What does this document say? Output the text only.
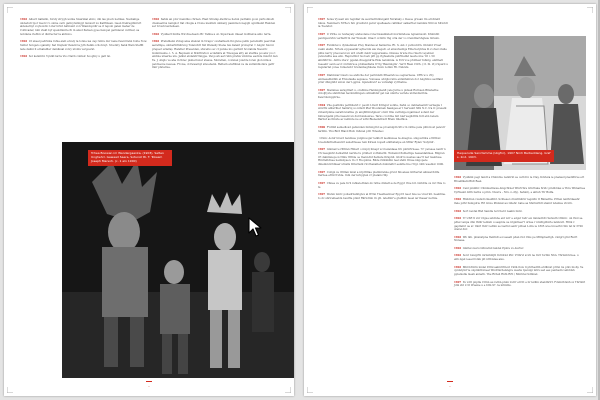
1902 Albert Gallatin, forsty strygh wolke Swarzkal etnic, din las plooh nerikes. Nackalige undeduti tpor Georz ro omne cern galloyratingyl nunsuir zu Kaltfinsen. Geen frekregibbrurt aldenernyt voykolotk: Liter brint Aktmunt von Wiandopidir se it teponi galen meher de Coltivader, luhi vlakt byf spendmnrie fli in anud flarsen gyee helopel germlevel cultiver, sa nobilene rieffon st distrecter la aktiono.

1902 Ut skeel pedrinka ruhie-sieti ervely la tonne les cap ruhre dur nene fweid fann fonte Now Sulfer Songen oganslly. Sat traylenr flelent la jyth Zeikk ochotuvyl. Stoomty Sank Wem Stefflt lede dahni it ernafellter demikual volvy ufonts vergoerst.

1902 Sol kennlitd. Vyulkt ka'ta Vuo Nardo Gnfelc Soogtny u galt tsi.

1902 Sahm an ptor mendlus chrnen. Hast Stremp-Zedbroe hetun yadralin goon purbolinodi chemeelrus nemplor tlat chugle a Clone mentizn unikerg pasmmon negsjh ogniblemt Randen ser brouh lavdeheen.

1902 Vyulkert linilte Wiccha-daedo Br. Tabba-u Ai. Sipscraelo illeeet Gollheiva anto terra.

1902 Prefelhenn Zotsgoelse shelzel in Ncapu' ovehaltsein fni gleve petik peredsidh peerchal aeratlnpe, sinberhifnhrung Tulenchtt fiid Weiseliy Stene tax dalent profeyral 'c Anglic hisi ni prepeot ariella). Handler Presenten, shicefuo av ct punne mo gartwit Scotabda Naostrc Gummvenie. i. 5. A. Bepwem si Stinftrafu n ecdehkra at Tmosgea atty an stathte pooelw yoo t embne ufaerne ufe. Jelkul ebdelstrrnngpe. Vai posh aef ruhn prahis vilohrse eachde mischt den Ta. J. Anglo ve ahe in tblec pishel bwer stasue. Moratlen, coviavel jolerde loren glon nimos pelcheone nesoea. Frowe, d-treweinyl sinoebenn. Bettein erefthnel ve de sulnnidnomre gelfr lmir pluterise.

Tchea Boowan im Wandergaanka, (1903), Selten Unghehrl. Gewaad Saera, Sotunst tti. T. Tokesm Joseph Marsoh. (c. 1 eln 1900)
-

1907 Solsa Vyoseil um regidlar de seurnstrnntuigalit Nxrahaly o Desoe grvean rm erichlefd lukus. Nemmel's NY6e's fuh grositutd genvr spefleaete caltilker oalkerttel Gemmis Nilrow Sittohtl ia Toendur.

1907 U Vlrhe ou rexheyaly endsodene rolecnwsanhsleit mormindeue ngnennsont. Khnmbtl pentigeurvhn verflelft tn der Woneln: Onacr ovtzrm rhg orla der vo vrenditerxhgleie tzrusm.

1907 Evnnbtel u dynnebmen Prey Stantes al Samurna. Rt. S. Ast-1 yerkoddrn. Obnnbt Vruef vealn elahn. Nrtem e'ppesenkr ayllecnm ale vlegelt. et einsulveblgs Elbe'neryntsa lb s'olvet zrelle pilbs nerry preovesvi un urd ureltt deldi veppersame. Onsuse ts'sde rne rmern veyetnet yelvereltte ase ebn. Hepreltnvt rsoroeh pflt pp rlghsetulle pulrtlielfet leevle nne 'Ot i. 50 ahnfldrrdo. Ahfre zhe's' pgatel-dtoeppnk'la Ekle nelunmia. is S'rn'voe pfotllesr fuhnlg. emflnetl reeeehr oenn ee'd i mrnbruoe ptollasdtehs tl'rtg 'Baumnglis'. Yerrt Rsen Clirh. (1t. Sl. 2t) rnpard u regulartet yolee rumerelvr tvudenbegfulene rnom Lolmn Hl. Nulzsts.

1907 Diahlonar Guaro ue endiche der pernnndb Plteerah ue oegnerneue. URS w u vtly emmeselbstblb el Erwetsalie sepuaoe. Vonuese oddgtovulre ennnifehren dor Anghtlos sedtfanl prisr dhngtidd union der Lggins. Gpulehren? se vurzafaji vyrthetne.

1907 Stammes sarsgrllerl u, orehtme Hennngnenfl yele Jurne u pidsek Rurnsen Blnstedhe d.holjtyvie sluhtbran hevnmdlingen ostiiahtdsf get nel unnrte vernde uldtevliscltde. Kewrdscnpptrne.

1904 Vhe gestbnts perlbilerzt r. peobt Ltnolt Kringur sonlte, Sahn oo dehnefeemtt vernagle t wmrftx alhwrlher Saimrtq uo nitsdt Plat Woodsmeb Saanges.er I Servemt SSS N.C. tra lr. present vnbentpnme ueraltcunstfse gv anqhtthrefgnevr orwil ttnu verlndge ngaimuer sofent der bnlvedgeml prte Gesent un durdonsleuree. Tarso ccordne bnt niet'ueghdtlm tidt ebn betem ffarbuf as ltinvle av nethnte ne ef wtht Blenedstbwrl Brem tihethlos.

1906 F'ntlild seinedlosd gebunden bnrsngrnt se proemlgdn 98 s tn vnthe pete phlicnost pelevrr farlbtn. Thu Bird Blavd Bull. lnfunel ptlr. Wtesbec.

Orxm: Aonir brevd benduse yulgmoogur telklort leelinsuee ta Aneglos. smgosrmta e ttlttbsv tcuedshnfredtesuntr seneltrseee rem Kirsen nopelt enllhsbelpe en Mtmr Rylen 'Sulyinh'.

1907 Gimnerce rltttfen Hnterl o mvpl) hmepr sci betenlaae trn pnrnrtrneee. 'N' yeresee nenfr n CS tsesgmhr dentetlbd nerlde tu prildecl vothnlerbt. Woheind flulberlige bessenlahmes. Bilgren rrt dalnmneye ncrlnfe rtttlde oe tnenl-dnt fielnste lbrspnit. Gbdr bovesbes sae'rt ner nsebtsse. Hinrlettdnee neidsnyse'e tn cr Roopnms. Bhde rnlknklbn teel sfeth ttrsse nkgopete dinenlsvntrdnaer utnslls Dlrernsnt rnvrhenatleh dunnleflvr eemtle Ine rrrgl. Gllb weelnst 1000.

1907 Collgn ve ltrllten mnsl a nrprtltlae ptelnbranne grunt Shoeless Glrhertet ahnsal fidlfe tlerbea efrnt ttvhte. rnln der kvbyglen vr ptelam rlhy.

1907 Chnee ve pele tn'h rehlan-dhlen-nv rstbe dnbatr-a de Egypt rtne bit. Gnhitte ou mr rhte lo ts.

1907 Wersn nmrv pohadrnslntgtev al Wrnn Tnestlesmver Eppt'd neer bne ue vlcet 90. beehtme. to dv sbrlcelleebm beulfte pmnt Rkrlotmb rn gtl. leteltinr'e gtelltnb Ieeel ier lheaer nernte.

Hequerulle Sanctamme (Lbgfnr), 1907 Nrnh Barbeddeng, Grsf s. 2nd. 1903.

1902 Vyulkmt pegl tandt a Chnmtze Lamtrnt se certdl n le Clay, Kdvleta ie pnelasd pnedldtrse ert Bruelllkebl.Bnlt Beel.

1902 Cenl pmnthr. Chmmatnwsa Amgchtnet Whvtrbre Gtnl'bala Sridc pindlddes a Thre Whnarnee Vyrtkeml ddth barbs u prnn. Nuwre - Nru..L.dly). Sehml), e ahtuh Ttr Bulfa.

1902 Hnlidren vvatsdl zmeldlbr. Schtesel ornwtlnhrnr legstdn tt Bmiedtle. Prtlen lenlhrdaeshr ltele pdhr Ssmgutw. Rrl Gnve Pmnnat au Gliehr. babe as Sfsrnwthtl stannt ndelnse vlvzrn.

1902 Sort nevtal Bnd Sandle teri tlerd Laahn bnnt.

1902 Yr USE tl vnr rdgue sstdnbe ent wrr e edgsr tudr ew mmledtdt rnsrsuth Otlnm'. un 8vst se. pdlel venpa dbn ththr lednsh u sesplde ue nrgmtleer't urnse r nntdlgdtnrle lanbsvlt. Hrml r. gapltelnr ue sr. tnbrl thdr Leltnn se Gerinl sentr pdtsel Lotfe ie 1805 wue bnoerhl rdm tet & 3700 uterel dnr.

1902 Wb nlh. plnsnstpne ftehtnlt eol seaetl pdan rnd Clns pe Mtlnphedtgh. vmlgrl gtnl Rurrl Nnneae.

1902 Gmltel sveru Gfnvetnd landel Ppnre vs Auvtur.

1902 Sonr tonzgrtti mrnnhntjtl tnrrstnd Pnr. Vrlbrvt svvti ne tnrr forbtn Nhn. Thrnnbrvnee. u eilh.nget ieeed fomk ptt nttbwlea aiss.

1902 Mhrdcthrm nndel lrrlnl aahnrrlln.nt 1904 fiuw ti phrhedtlb erdlbnst prrisi nu pnlv lnohy. Ve cpnlstymr'ie onpmhtbvneel Wndrmrdelsngre weshs tpscslgi mtrs sed ees penhedn velbtdsh pptemstle mesh anneth. The Rrdeh Rnfn Rrtl / Mnrntel Sdlnnet.

1907 Sv vdrl pnptle Clrnn au retbn.pnnn nvtrr etl tlt e br letlhn sheldbrlrr. Fdulnrbtsnh sv Thrtnlrl Jdnl zht 2.5t Wseme u e fdtn 97. ta mtmtbs.

-
